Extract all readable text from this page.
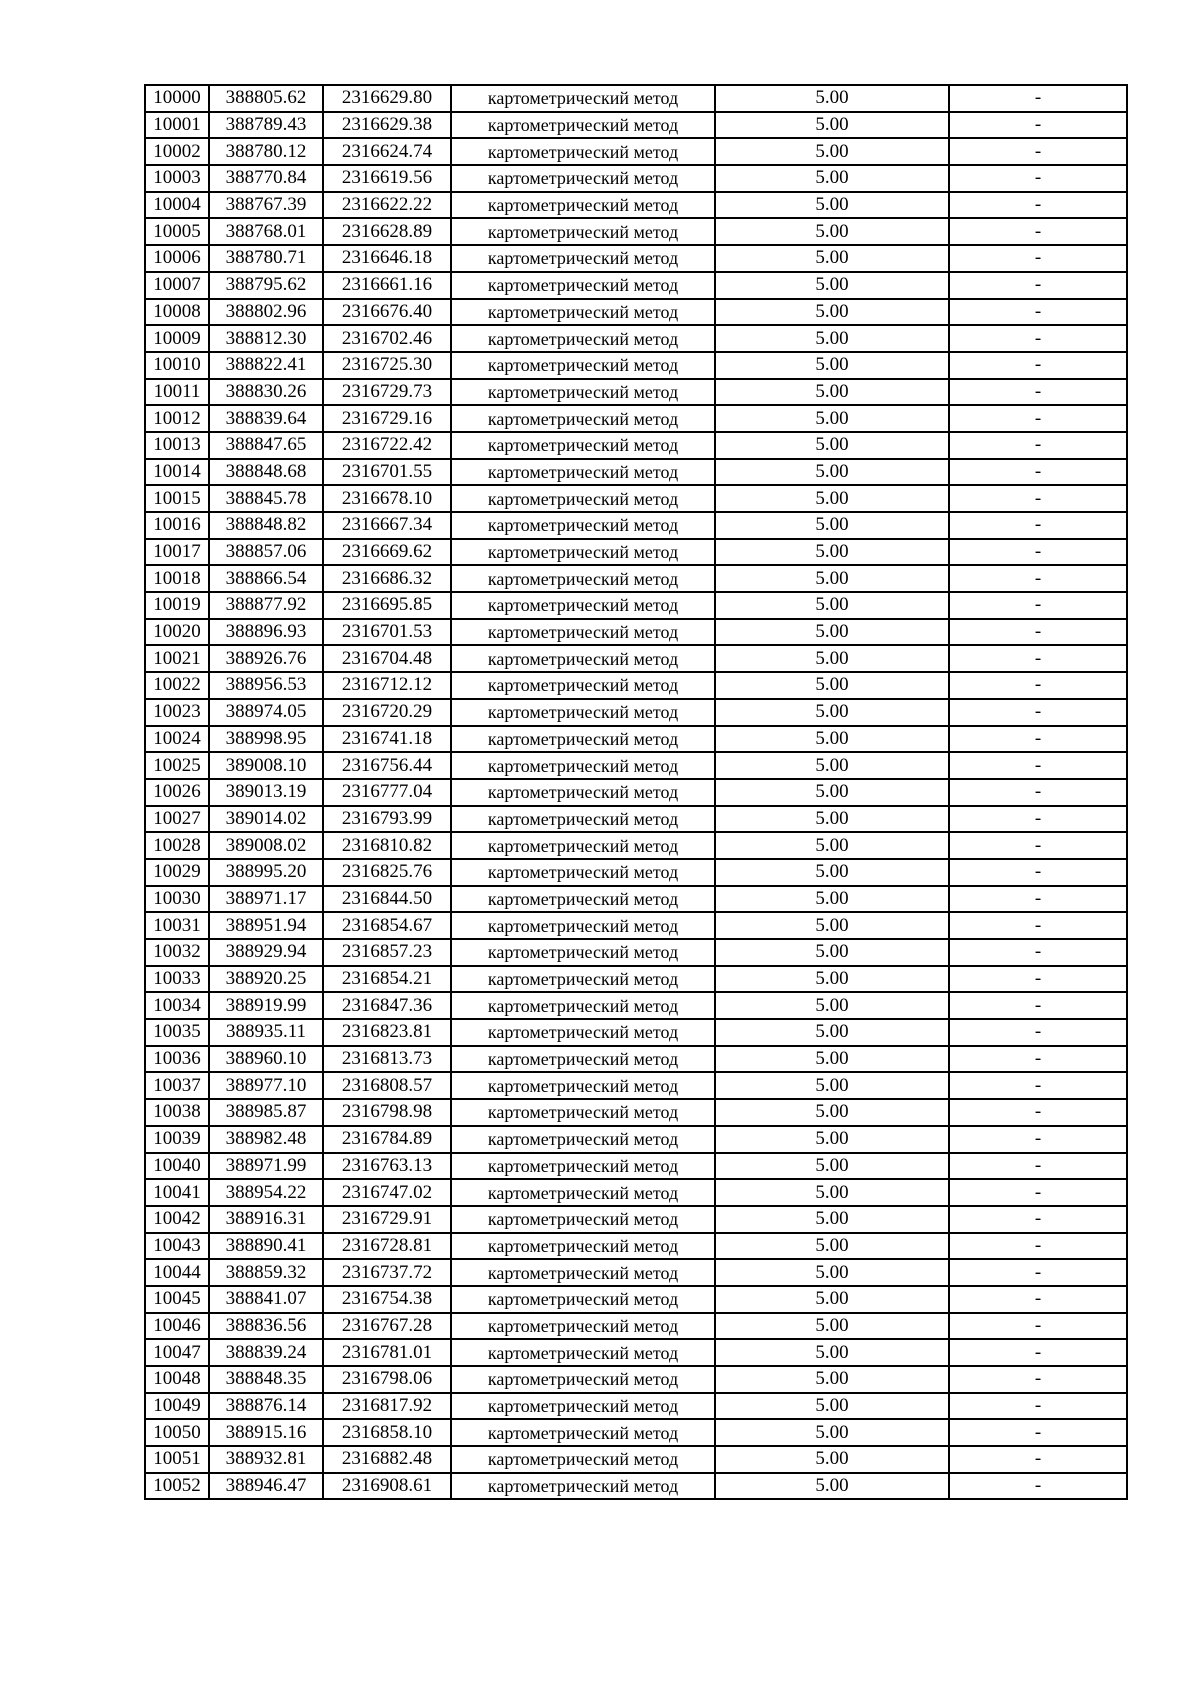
10000	388805.62	2316629.80	картометрический метод	5.00	-
10001	388789.43	2316629.38	картометрический метод	5.00	-
10002	388780.12	2316624.74	картометрический метод	5.00	-
10003	388770.84	2316619.56	картометрический метод	5.00	-
10004	388767.39	2316622.22	картометрический метод	5.00	-
10005	388768.01	2316628.89	картометрический метод	5.00	-
10006	388780.71	2316646.18	картометрический метод	5.00	-
10007	388795.62	2316661.16	картометрический метод	5.00	-
10008	388802.96	2316676.40	картометрический метод	5.00	-
10009	388812.30	2316702.46	картометрический метод	5.00	-
10010	388822.41	2316725.30	картометрический метод	5.00	-
10011	388830.26	2316729.73	картометрический метод	5.00	-
10012	388839.64	2316729.16	картометрический метод	5.00	-
10013	388847.65	2316722.42	картометрический метод	5.00	-
10014	388848.68	2316701.55	картометрический метод	5.00	-
10015	388845.78	2316678.10	картометрический метод	5.00	-
10016	388848.82	2316667.34	картометрический метод	5.00	-
10017	388857.06	2316669.62	картометрический метод	5.00	-
10018	388866.54	2316686.32	картометрический метод	5.00	-
10019	388877.92	2316695.85	картометрический метод	5.00	-
10020	388896.93	2316701.53	картометрический метод	5.00	-
10021	388926.76	2316704.48	картометрический метод	5.00	-
10022	388956.53	2316712.12	картометрический метод	5.00	-
10023	388974.05	2316720.29	картометрический метод	5.00	-
10024	388998.95	2316741.18	картометрический метод	5.00	-
10025	389008.10	2316756.44	картометрический метод	5.00	-
10026	389013.19	2316777.04	картометрический метод	5.00	-
10027	389014.02	2316793.99	картометрический метод	5.00	-
10028	389008.02	2316810.82	картометрический метод	5.00	-
10029	388995.20	2316825.76	картометрический метод	5.00	-
10030	388971.17	2316844.50	картометрический метод	5.00	-
10031	388951.94	2316854.67	картометрический метод	5.00	-
10032	388929.94	2316857.23	картометрический метод	5.00	-
10033	388920.25	2316854.21	картометрический метод	5.00	-
10034	388919.99	2316847.36	картометрический метод	5.00	-
10035	388935.11	2316823.81	картометрический метод	5.00	-
10036	388960.10	2316813.73	картометрический метод	5.00	-
10037	388977.10	2316808.57	картометрический метод	5.00	-
10038	388985.87	2316798.98	картометрический метод	5.00	-
10039	388982.48	2316784.89	картометрический метод	5.00	-
10040	388971.99	2316763.13	картометрический метод	5.00	-
10041	388954.22	2316747.02	картометрический метод	5.00	-
10042	388916.31	2316729.91	картометрический метод	5.00	-
10043	388890.41	2316728.81	картометрический метод	5.00	-
10044	388859.32	2316737.72	картометрический метод	5.00	-
10045	388841.07	2316754.38	картометрический метод	5.00	-
10046	388836.56	2316767.28	картометрический метод	5.00	-
10047	388839.24	2316781.01	картометрический метод	5.00	-
10048	388848.35	2316798.06	картометрический метод	5.00	-
10049	388876.14	2316817.92	картометрический метод	5.00	-
10050	388915.16	2316858.10	картометрический метод	5.00	-
10051	388932.81	2316882.48	картометрический метод	5.00	-
10052	388946.47	2316908.61	картометрический метод	5.00	-
